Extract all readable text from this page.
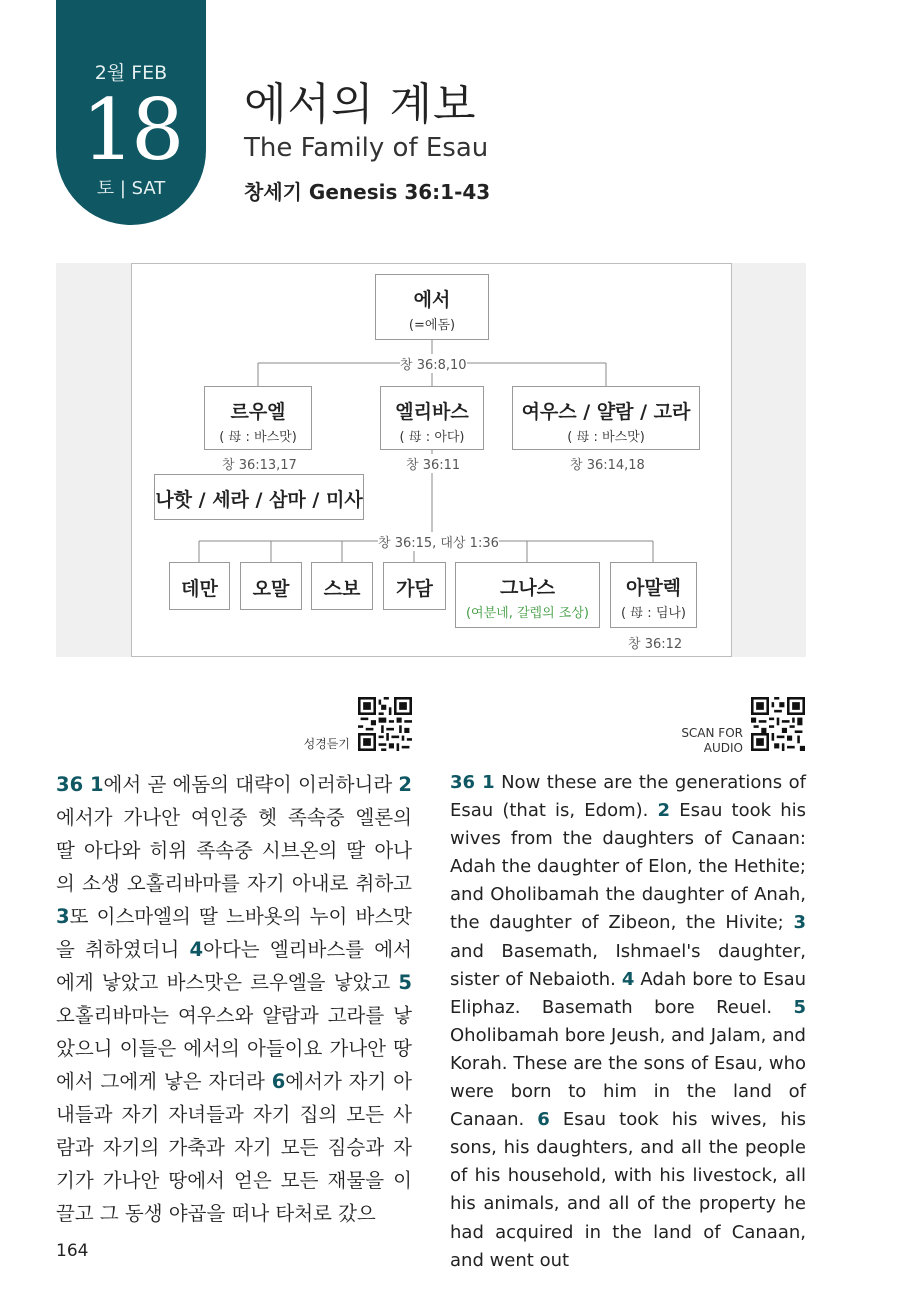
2월 FEB
18
토 | SAT
에서의 계보
The Family of Esau
창세기 Genesis 36:1-43
에서
(=에돔)
창 36:8,10
르우엘
( 母 : 바스맛)
창 36:13,17
엘리바스
( 母 : 아다)
창 36:11
여우스 / 얄람 / 고라
( 母 : 바스맛)
창 36:14,18
나핫 / 세라 / 삼마 / 미사
창 36:15, 대상 1:36
데만	오말	스보	가담	그나스
(여분네, 갈렙의 조상)
아말렉
( 母 : 딤나)
창 36:12
성경듣기
SCAN FOR
AUDIO
36 1에서 곧 에돔의 대략이 이러하니라 2 에서가 가나안 여인중 헷 족속중 엘론의 딸 아다와 히위 족속중 시브온의 딸 아나의 소생 오홀리바마를 자기 아내로 취하고 3또 이스마엘의 딸 느바욧의 누이 바스맛을 취하였더니 4아다는 엘리바스를 에서에게 낳았고 바스맛은 르우엘을 낳았고 5오홀리바마는 여우스와 얄람과 고라를 낳았으니 이들은 에서의 아들이요 가나안 땅에서 그에게 낳은 자더라 6에서가 자기 아내들과 자기 자녀들과 자기 집의 모든 사람과 자기의 가축과 자기 모든 짐승과 자기가 가나안 땅에서 얻은 모든 재물을 이끌고 그 동생 야곱을 떠나 타처로 갔으
36 1 Now these are the generations of Esau (that is, Edom). 2 Esau took his wives from the daughters of Canaan: Adah the daughter of Elon, the Hethite; and Oholibamah the daughter of Anah, the daughter of Zibeon, the Hivite; 3 and Basemath, Ishmael's daughter, sister of Nebaioth. 4 Adah bore to Esau Eliphaz. Basemath bore Reuel. 5 Oholibamah bore Jeush, and Jalam, and Korah. These are the sons of Esau, who were born to him in the land of Canaan. 6 Esau took his wives, his sons, his daughters, and all the people of his household, with his livestock, all his animals, and all of the property he had acquired in the land of Canaan, and went out
164
